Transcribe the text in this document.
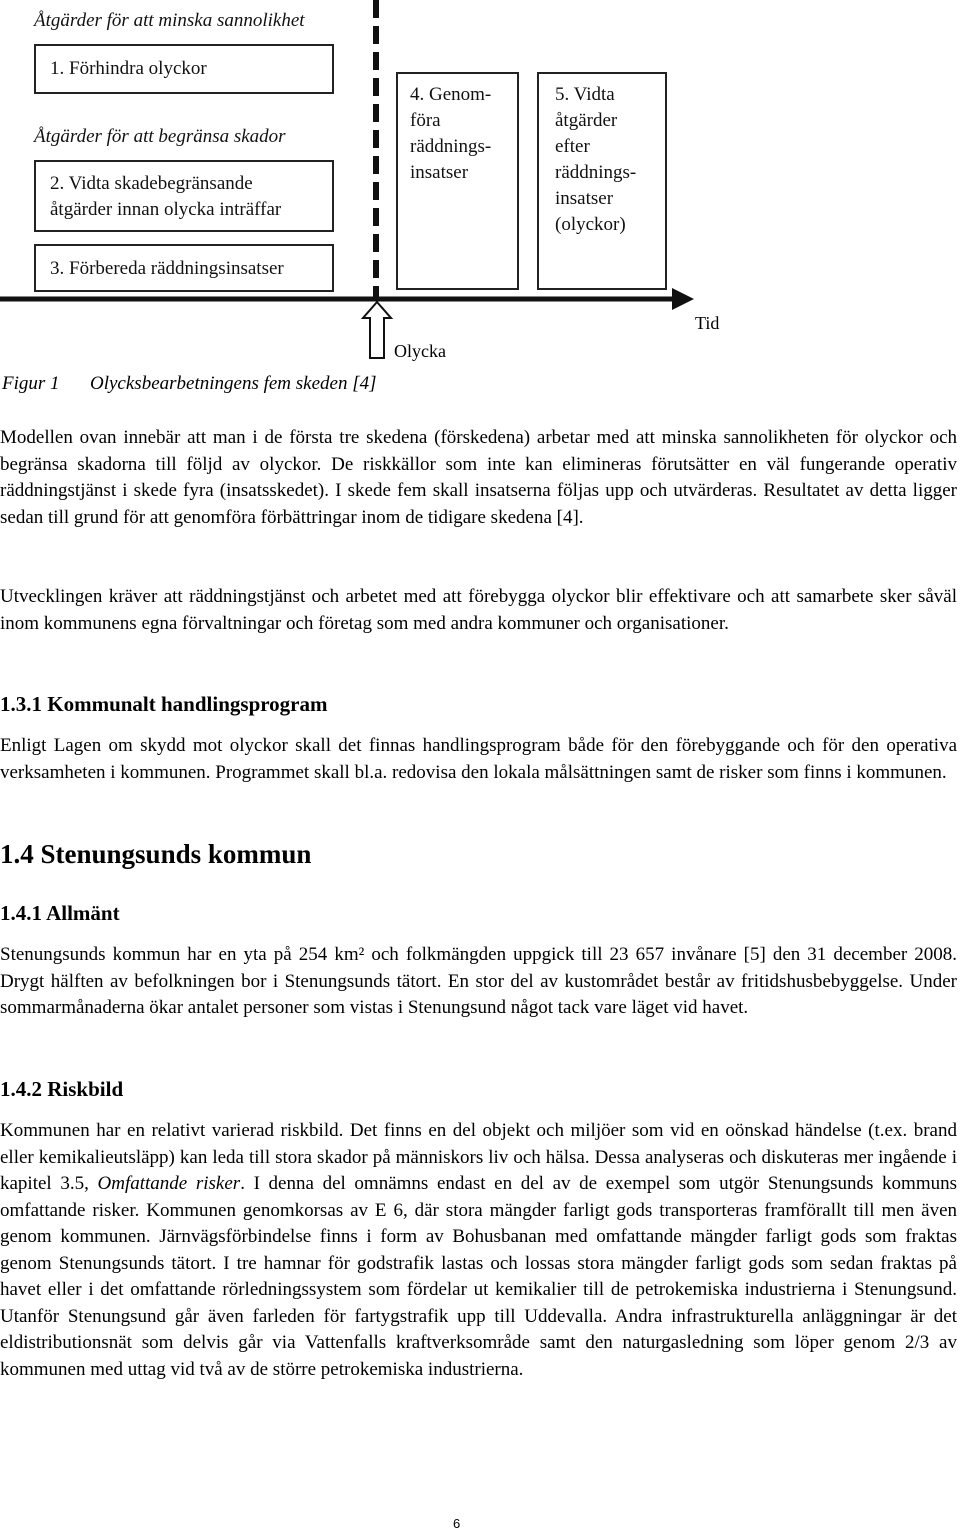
Åtgärder för att minska sannolikhet
1. Förhindra olyckor
Åtgärder för att begränsa skador
2. Vidta skadebegränsande
åtgärder innan olycka inträffar
3. Förbereda räddningsinsatser
4. Genom-
föra
räddnings-
insatser
5. Vidta
åtgärder
efter
räddnings-
insatser
(olyckor)
Tid
Olycka
Figur 1 Olycksbearbetningens fem skeden [4]

Modellen ovan innebär att man i de första tre skedena (förskedena) arbetar med att minska sannolikheten för olyckor och begränsa skadorna till följd av olyckor. De riskkällor som inte kan elimineras förutsätter en väl fungerande operativ räddningstjänst i skede fyra (insatsskedet). I skede fem skall insatserna följas upp och utvärderas. Resultatet av detta ligger sedan till grund för att genomföra förbättringar inom de tidigare skedena [4].

Utvecklingen kräver att räddningstjänst och arbetet med att förebygga olyckor blir effektivare och att samarbete sker såväl inom kommunens egna förvaltningar och företag som med andra kommuner och organisationer.

1.3.1 Kommunalt handlingsprogram

Enligt Lagen om skydd mot olyckor skall det finnas handlingsprogram både för den förebyggande och för den operativa verksamheten i kommunen. Programmet skall bl.a. redovisa den lokala målsättningen samt de risker som finns i kommunen.

1.4 Stenungsunds kommun
1.4.1 Allmänt

Stenungsunds kommun har en yta på 254 km² och folkmängden uppgick till 23 657 invånare [5] den 31 december 2008. Drygt hälften av befolkningen bor i Stenungsunds tätort. En stor del av kustområdet består av fritidshusbebyggelse. Under sommarmånaderna ökar antalet personer som vistas i Stenungsund något tack vare läget vid havet.

1.4.2 Riskbild

Kommunen har en relativt varierad riskbild. Det finns en del objekt och miljöer som vid en oönskad händelse (t.ex. brand eller kemikalieutsläpp) kan leda till stora skador på människors liv och hälsa. Dessa analyseras och diskuteras mer ingående i kapitel 3.5, Omfattande risker. I denna del omnämns endast en del av de exempel som utgör Stenungsunds kommuns omfattande risker. Kommunen genomkorsas av E 6, där stora mängder farligt gods transporteras framförallt till men även genom kommunen. Järnvägsförbindelse finns i form av Bohusbanan med omfattande mängder farligt gods som fraktas genom Stenungsunds tätort. I tre hamnar för godstrafik lastas och lossas stora mängder farligt gods som sedan fraktas på havet eller i det omfattande rörledningssystem som fördelar ut kemikalier till de petrokemiska industrierna i Stenungsund. Utanför Stenungsund går även farleden för fartygstrafik upp till Uddevalla. Andra infrastrukturella anläggningar är det eldistributionsnät som delvis går via Vattenfalls kraftverksområde samt den naturgasledning som löper genom 2/3 av kommunen med uttag vid två av de större petrokemiska industrierna.

6
